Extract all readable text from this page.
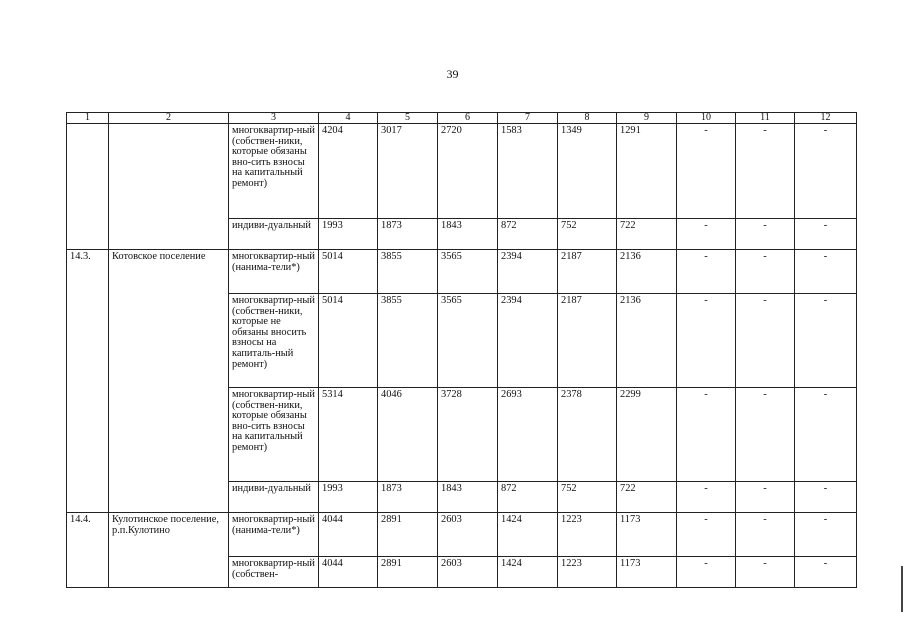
39
1	2	3	4	5	6	7	8	9	10	11	12
		многоквартир-ный (собствен-ники, которые обязаны вно-сить взносы на капитальный ремонт)	4204	3017	2720	1583	1349	1291	-	-	-
		индиви-дуальный	1993	1873	1843	872	752	722	-	-	-
14.3.	Котовское поселение	многоквартир-ный (нанима-тели*)	5014	3855	3565	2394	2187	2136	-	-	-
		многоквартир-ный (собствен-ники, которые не обязаны вносить взносы на капиталь-ный ремонт)	5014	3855	3565	2394	2187	2136	-	-	-
		многоквартир-ный (собствен-ники, которые обязаны вно-сить взносы на капитальный ремонт)	5314	4046	3728	2693	2378	2299	-	-	-
		индиви-дуальный	1993	1873	1843	872	752	722	-	-	-
14.4.	Кулотинское поселение, р.п.Кулотино	многоквартир-ный (нанима-тели*)	4044	2891	2603	1424	1223	1173	-	-	-
		многоквартир-ный (собствен-	4044	2891	2603	1424	1223	1173	-	-	-
